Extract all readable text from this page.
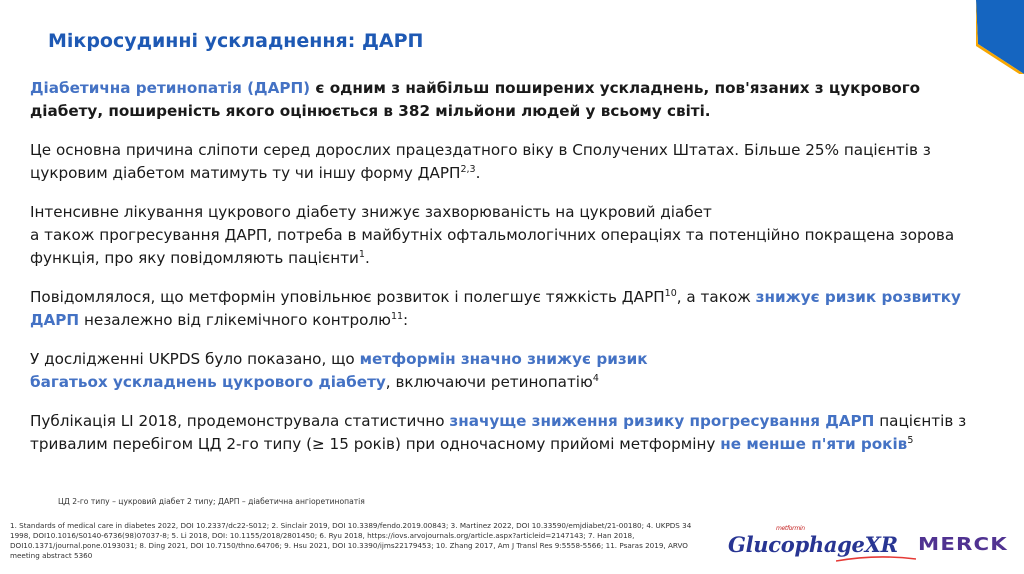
Мікросудинні ускладнення: ДАРП

Діабетична ретинопатія (ДАРП) є одним з найбільш поширених ускладнень, пов'язаних з цукрового діабету, поширеність якого оцінюється в 382 мільйони людей у всьому світі.

Це основна причина сліпоти серед дорослих працездатного віку в Сполучених Штатах. Більше 25% пацієнтів з цукровим діабетом матимуть ту чи іншу форму ДАРП$^{2,3}$.

Інтенсивне лікування цукрового діабету знижує захворюваність на цукровий діабет
а також прогресування ДАРП, потреба в майбутніх офтальмологічних операціях та потенційно покращена зорова функція, про яку повідомляють пацієнти$^1$.

Повідомлялося, що метформін уповільнює розвиток і полегшує тяжкість ДАРП$^{10}$, а також знижує ризик розвитку ДАРП незалежно від глікемічного контролю$^{11}$:

У дослідженні UKPDS було показано, що метформін значно знижує ризик
багатьох ускладнень цукрового діабету, включаючи ретинопатію$^4$

Публікація LI 2018, продемонструвала статистично значуще зниження ризику прогресування ДАРП пацієнтів з тривалим перебігом ЦД 2-го типу (≥ 15 років) при одночасному прийомі метформіну не менше п'яти років$^5$

ЦД 2-го типу – цукровий діабет 2 типу; ДАРП – діабетична ангіоретинопатія
1. Standards of medical care in diabetes 2022, DOI 10.2337/dc22-S012; 2. Sinclair 2019, DOI 10.3389/fendo.2019.00843; 3. Martinez 2022, DOI 10.33590/emjdiabet/21-00180; 4. UKPDS 34 1998, DOI10.1016/S0140-6736(98)07037-8; 5. Li 2018, DOI: 10.1155/2018/2801450; 6. Ryu 2018, https://iovs.arvojournals.org/article.aspx?articleid=2147143; 7. Han 2018, DOI10.1371/journal.pone.0193031; 8. Ding 2021, DOI 10.7150/thno.64706; 9. Hsu 2021, DOI 10.3390/ijms22179453; 10. Zhang 2017, Am J Transl Res 9:5558-5566; 11. Psaras 2019, ARVO meeting abstract 5360
metformin
GlucophageXR MERCK
